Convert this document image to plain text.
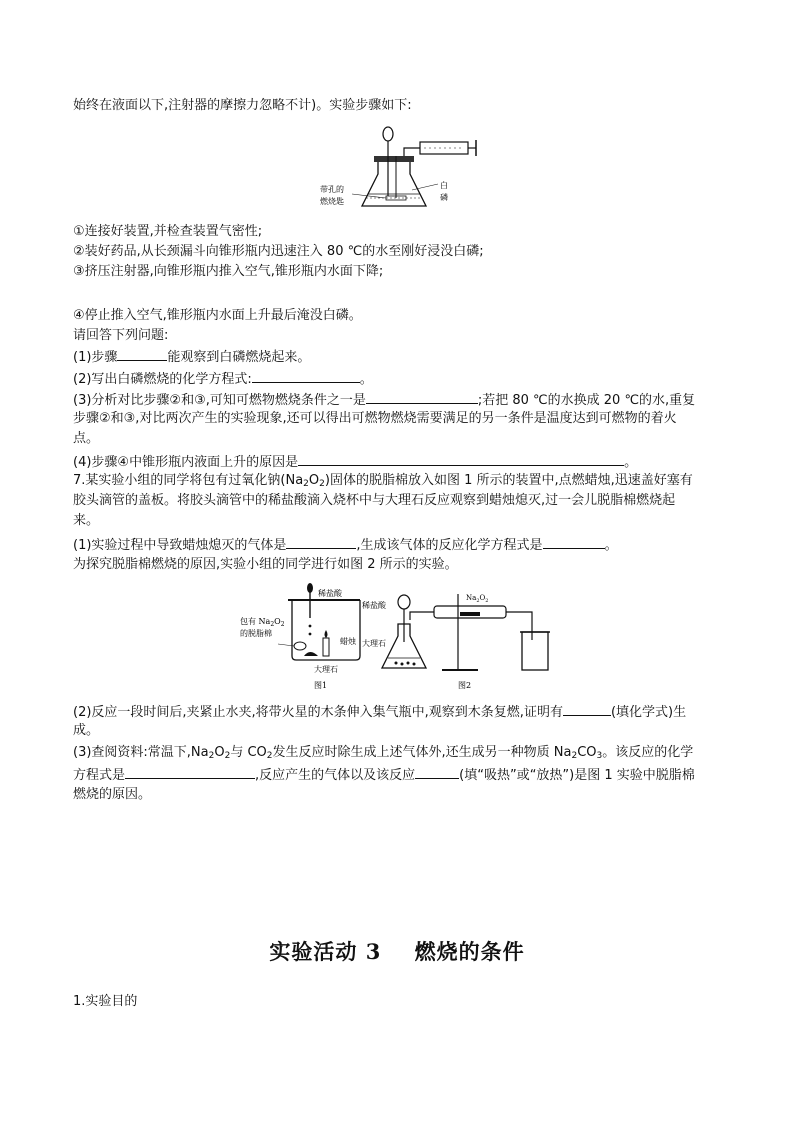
始终在液面以下,注射器的摩擦力忽略不计)。实验步骤如下:
带孔的
燃烧匙
白
磷
①连接好装置,并检查装置气密性;
②装好药品,从长颈漏斗向锥形瓶内迅速注入 80 ℃的水至刚好浸没白磷;
③挤压注射器,向锥形瓶内推入空气,锥形瓶内水面下降;
④停止推入空气,锥形瓶内水面上升最后淹没白磷。
请回答下列问题:
(1)步骤	能观察到白磷燃烧起来。
(2)写出白磷燃烧的化学方程式:	。
(3)分析对比步骤②和③,可知可燃物燃烧条件之一是	;若把 80 ℃的水换成 20 ℃的水,重复
步骤②和③,对比两次产生的实验现象,还可以得出可燃物燃烧需要满足的另一条件是温度达到可燃物的着火
点。
(4)步骤④中锥形瓶内液面上升的原因是	。
7.某实验小组的同学将包有过氧化钠$(Na_2O_2)$固体的脱脂棉放入如图 1 所示的装置中,点燃蜡烛,迅速盖好塞有
胶头滴管的盖板。将胶头滴管中的稀盐酸滴入烧杯中与大理石反应观察到蜡烛熄灭,过一会儿脱脂棉燃烧起
来。
(1)实验过程中导致蜡烛熄灭的气体是	,生成该气体的反应化学方程式是	。
为探究脱脂棉燃烧的原因,实验小组的同学进行如图 2 所示的实验。
稀盐酸
包有 $Na_2O_2$
的脱脂棉
蜡烛
大理石
图1
稀盐酸
$Na_2O_2$
大理石
图2
(2)反应一段时间后,夹紧止水夹,将带火星的木条伸入集气瓶中,观察到木条复燃,证明有	(填化学式)生
成。
(3)查阅资料:常温下$,Na_2O_2$与 $CO_2$发生反应时除生成上述气体外,还生成另一种物质 $Na_2CO_3$。该反应的化学
方程式是	,反应产生的气体以及该反应	(填“吸热”或“放热”)是图 1 实验中脱脂棉
燃烧的原因。
实验活动 3    燃烧的条件
1.实验目的
